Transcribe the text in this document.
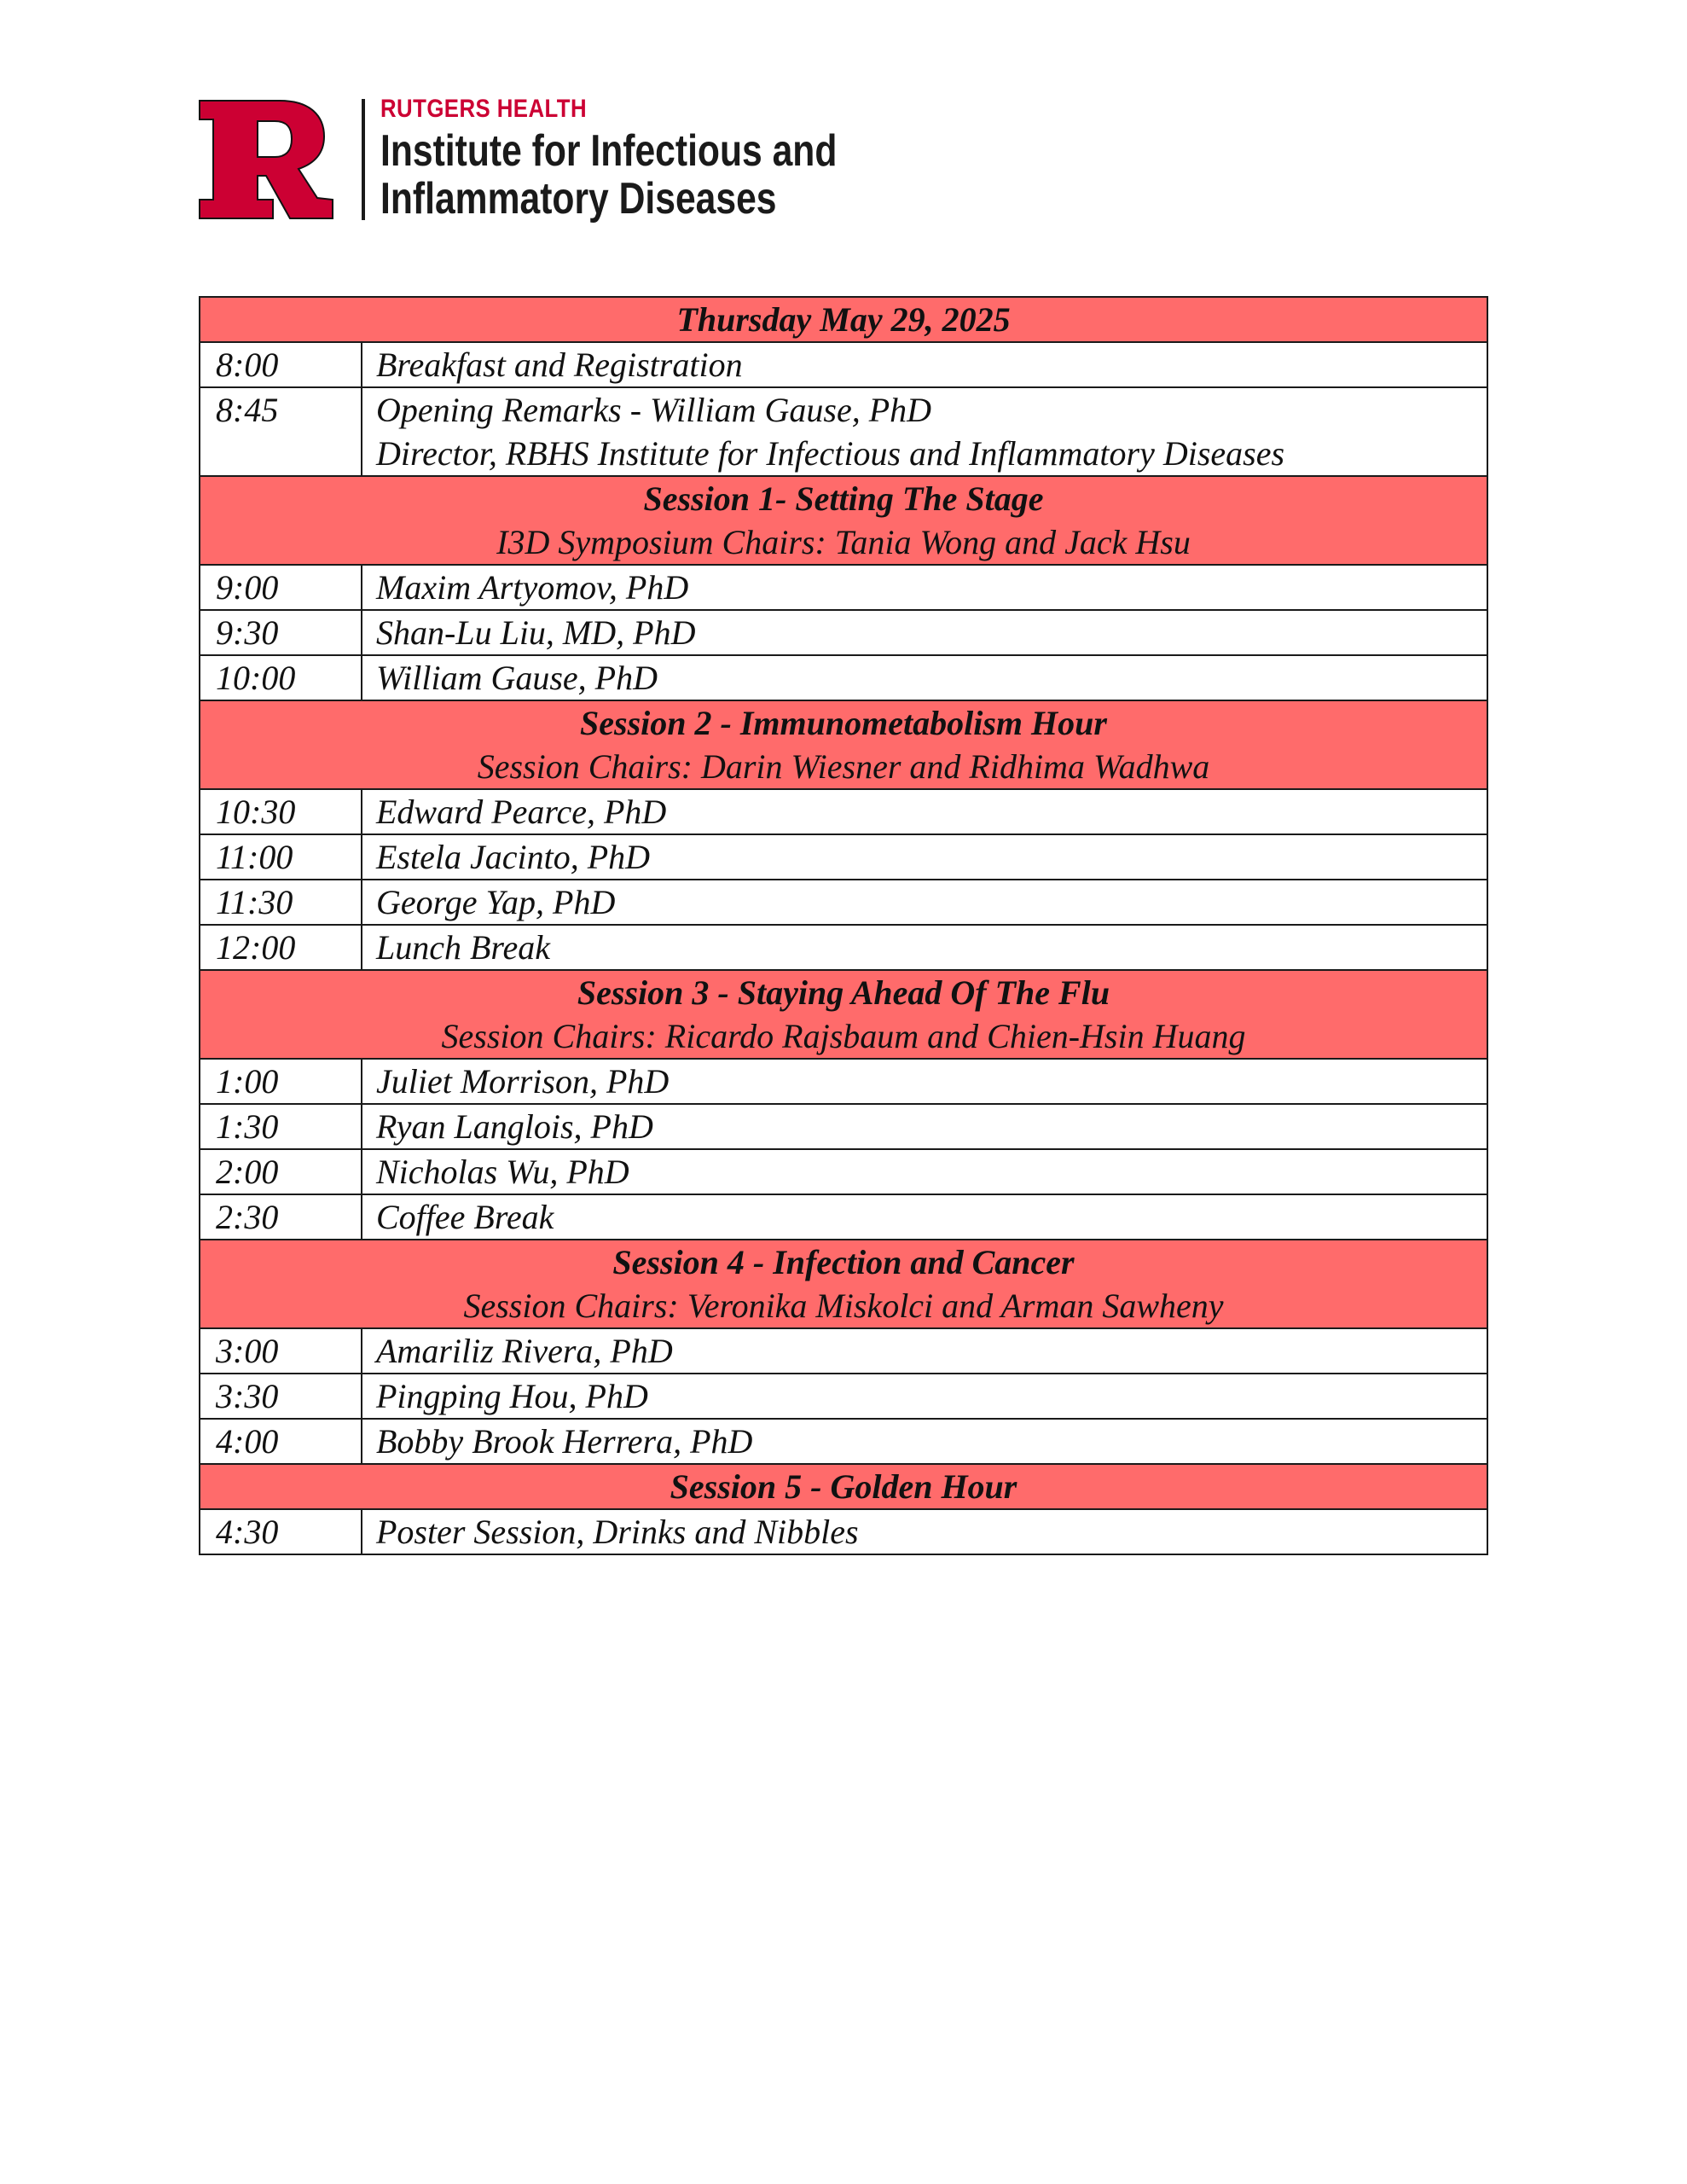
RUTGERS HEALTH
Institute for Infectious and
Inflammatory Diseases
Thursday May 29, 2025	

8:00	Breakfast and Registration

8:45	Opening Remarks - William Gause, PhD
Director, RBHS Institute for Infectious and Inflammatory Diseases

Session 1- Setting The Stage
I3D Symposium Chairs: Tania Wong and Jack Hsu	

9:00	Maxim Artyomov, PhD
9:30	Shan-Lu Liu, MD, PhD
10:00	William Gause, PhD

Session 2 - Immunometabolism Hour
Session Chairs: Darin Wiesner and Ridhima Wadhwa	

10:30	Edward Pearce, PhD
11:00	Estela Jacinto, PhD
11:30	George Yap, PhD
12:00	Lunch Break

Session 3 - Staying Ahead Of The Flu
Session Chairs: Ricardo Rajsbaum and Chien-Hsin Huang	

1:00	Juliet Morrison, PhD
1:30	Ryan Langlois, PhD
2:00	Nicholas Wu, PhD
2:30	Coffee Break

Session 4 - Infection and Cancer
Session Chairs: Veronika Miskolci and Arman Sawheny	

3:00	Amariliz Rivera, PhD
3:30	Pingping Hou, PhD
4:00	Bobby Brook Herrera, PhD

Session 5 - Golden Hour	

4:30	Poster Session, Drinks and Nibbles
